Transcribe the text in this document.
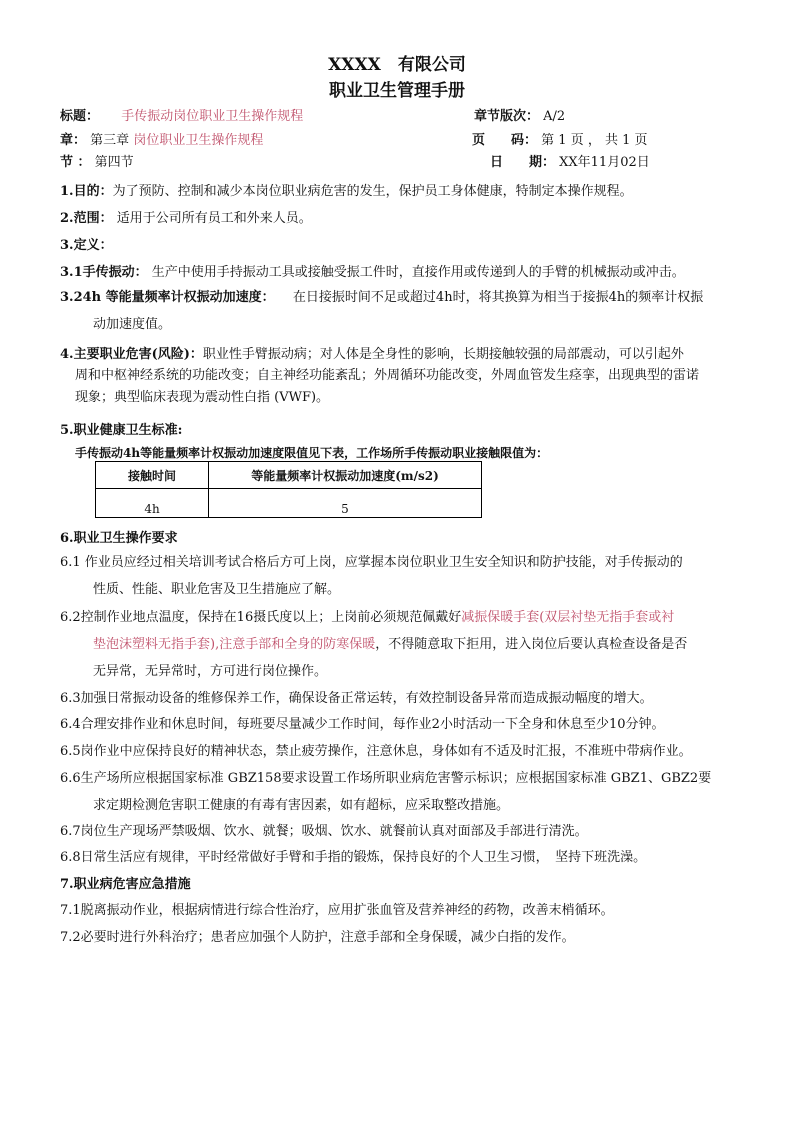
XXXX　有限公司
职业卫生管理手册
标题： 手传振动岗位职业卫生操作规程	章节版次： A/2
章： 第三章 岗位职业卫生操作规程	页　　码： 第 1 页 ， 共 1 页
节 ： 第四节	日　　期： XX年11月02日
1.目的：为了预防、控制和减少本岗位职业病危害的发生，保护员工身体健康，特制定本操作规程。
2.范围： 适用于公司所有员工和外来人员。
3.定义：
3.1手传振动： 生产中使用手持振动工具或接触受振工件时，直接作用或传递到人的手臂的机械振动或冲击。
3.24h 等能量频率计权振动加速度： 在日接振时间不足或超过4h时，将其换算为相当于接振4h的频率计权振
动加速度值。
4.主要职业危害(风险)：职业性手臂振动病；对人体是全身性的影响，长期接触较强的局部震动，可以引起外
周和中枢神经系统的功能改变；自主神经功能紊乱；外周循环功能改变，外周血管发生痉挛，出现典型的雷诺
现象；典型临床表现为震动性白指 (VWF)。
5.职业健康卫生标准:
手传振动4h等能量频率计权振动加速度限值见下表，工作场所手传振动职业接触限值为：
接触时间	等能量频率计权振动加速度(m/s2)
4h	5
6.职业卫生操作要求
6.1 作业员应经过相关培训考试合格后方可上岗，应掌握本岗位职业卫生安全知识和防护技能，对手传振动的
性质、性能、职业危害及卫生措施应了解。
6.2控制作业地点温度，保持在16摄氏度以上；上岗前必须规范佩戴好减振保暖手套(双层衬垫无指手套或衬
垫泡沫塑料无指手套),注意手部和全身的防寒保暖，不得随意取下拒用，进入岗位后要认真检查设备是否
无异常，无异常时，方可进行岗位操作。
6.3加强日常振动设备的维修保养工作，确保设备正常运转，有效控制设备异常而造成振动幅度的增大。
6.4合理安排作业和休息时间，每班要尽量减少工作时间，每作业2小时活动一下全身和休息至少10分钟。
6.5岗作业中应保持良好的精神状态，禁止疲劳操作，注意休息，身体如有不适及时汇报，不准班中带病作业。
6.6生产场所应根据国家标准 GBZ158要求设置工作场所职业病危害警示标识；应根据国家标准 GBZ1、GBZ2要
求定期检测危害职工健康的有毒有害因素，如有超标，应采取整改措施。
6.7岗位生产现场严禁吸烟、饮水、就餐；吸烟、饮水、就餐前认真对面部及手部进行清洗。
6.8日常生活应有规律，平时经常做好手臂和手指的锻炼，保持良好的个人卫生习惯，　坚持下班洗澡。
7.职业病危害应急措施
7.1脱离振动作业，根据病情进行综合性治疗，应用扩张血管及营养神经的药物，改善末梢循环。
7.2必要时进行外科治疗；患者应加强个人防护，注意手部和全身保暖，减少白指的发作。
